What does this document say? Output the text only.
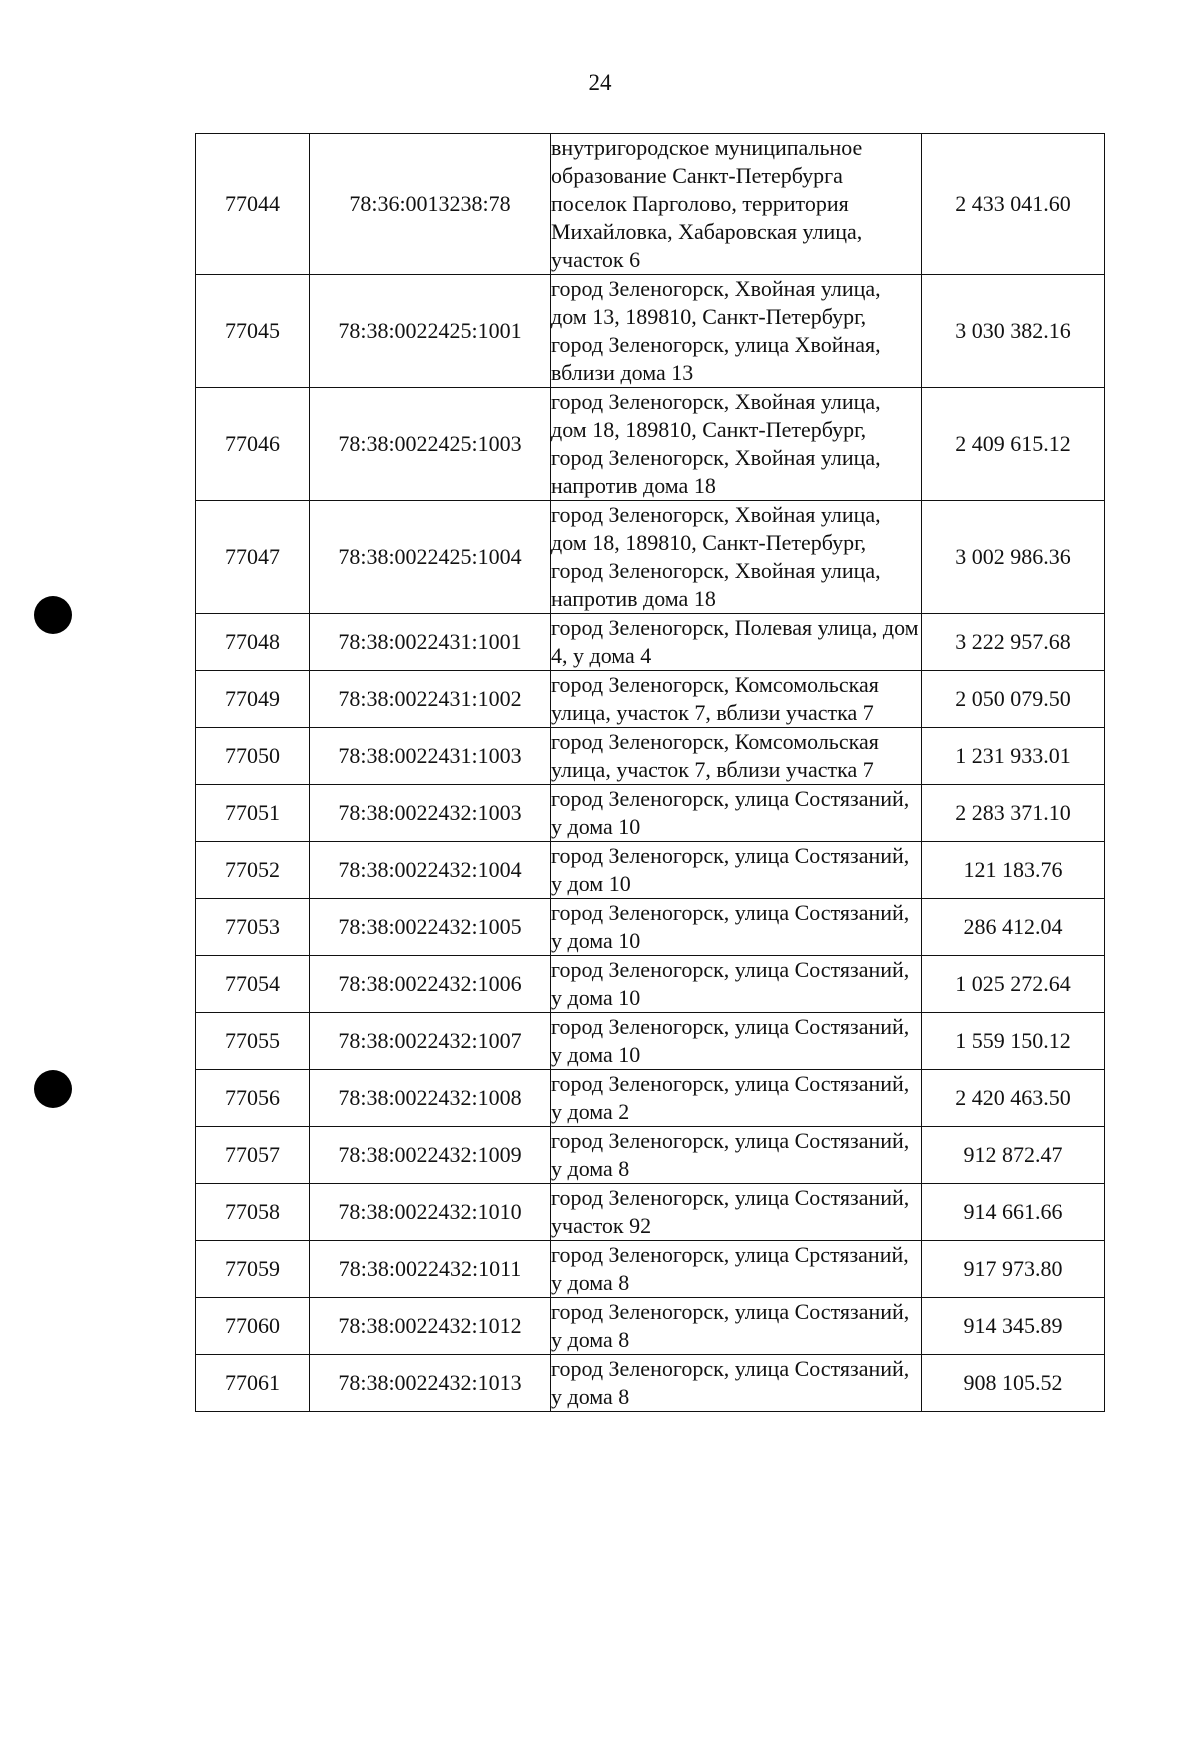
24
77044	78:36:0013238:78	внутригородское муниципальное образование Санкт-Петербурга поселок Парголово, территория Михайловка, Хабаровская улица, участок 6	2 433 041.60
77045	78:38:0022425:1001	город Зеленогорск, Хвойная улица, дом 13, 189810, Санкт-Петербург, город Зеленогорск, улица Хвойная, вблизи дома 13	3 030 382.16
77046	78:38:0022425:1003	город Зеленогорск, Хвойная улица, дом 18, 189810, Санкт-Петербург, город Зеленогорск, Хвойная улица, напротив дома 18	2 409 615.12
77047	78:38:0022425:1004	город Зеленогорск, Хвойная улица, дом 18, 189810, Санкт-Петербург, город Зеленогорск, Хвойная улица, напротив дома 18	3 002 986.36
77048	78:38:0022431:1001	город Зеленогорск, Полевая улица, дом 4, у дома 4	3 222 957.68
77049	78:38:0022431:1002	город Зеленогорск, Комсомольская улица, участок 7, вблизи участка 7	2 050 079.50
77050	78:38:0022431:1003	город Зеленогорск, Комсомольская улица, участок 7, вблизи участка 7	1 231 933.01
77051	78:38:0022432:1003	город Зеленогорск, улица Состязаний, у дома 10	2 283 371.10
77052	78:38:0022432:1004	город Зеленогорск, улица Состязаний, у дом 10	121 183.76
77053	78:38:0022432:1005	город Зеленогорск, улица Состязаний, у дома 10	286 412.04
77054	78:38:0022432:1006	город Зеленогорск, улица Состязаний, у дома 10	1 025 272.64
77055	78:38:0022432:1007	город Зеленогорск, улица Состязаний, у дома 10	1 559 150.12
77056	78:38:0022432:1008	город Зеленогорск, улица Состязаний, у дома 2	2 420 463.50
77057	78:38:0022432:1009	город Зеленогорск, улица Состязаний, у дома 8	912 872.47
77058	78:38:0022432:1010	город Зеленогорск, улица Состязаний, участок 92	914 661.66
77059	78:38:0022432:1011	город Зеленогорск, улица Срстязаний, у дома 8	917 973.80
77060	78:38:0022432:1012	город Зеленогорск, улица Состязаний, у дома 8	914 345.89
77061	78:38:0022432:1013	город Зеленогорск, улица Состязаний, у дома 8	908 105.52
